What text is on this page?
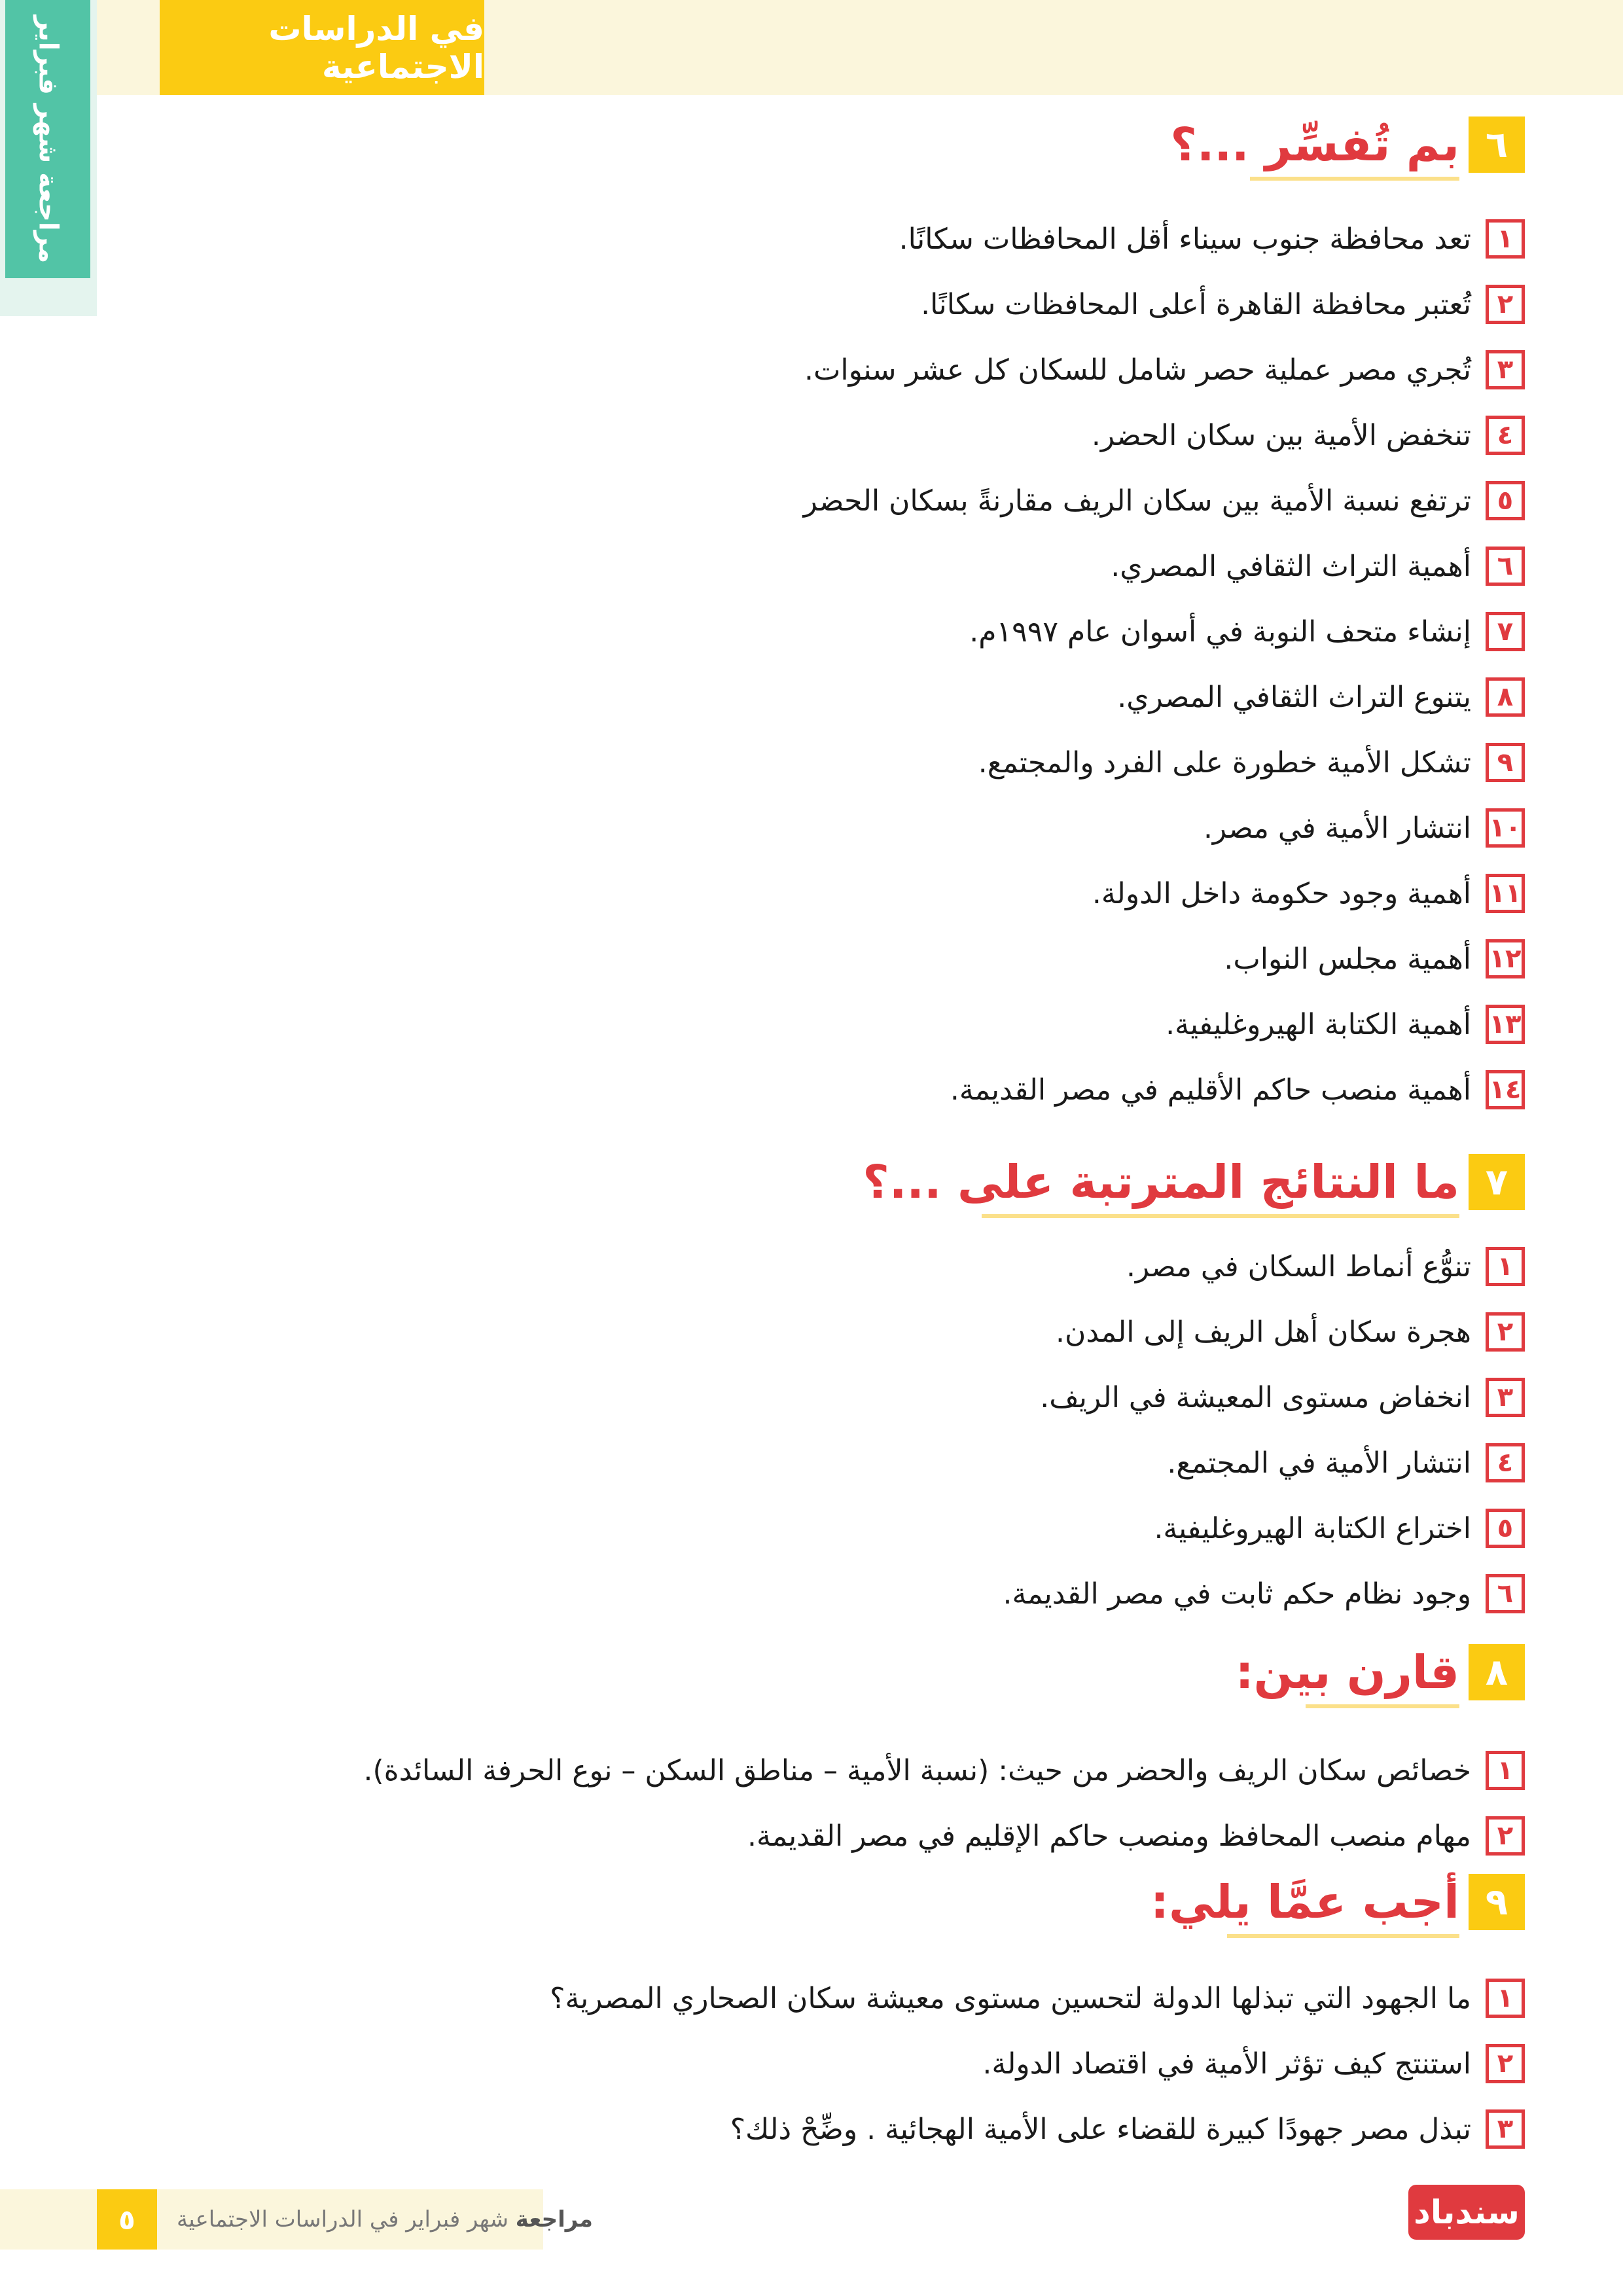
في الدراسات الاجتماعية
مراجعة شهر فبراير	٦
بم تُفسِّر ...؟
١
تعد محافظة جنوب سيناء أقل المحافظات سكانًا.
٢
تُعتبر محافظة القاهرة أعلى المحافظات سكانًا.
٣
تُجري مصر عملية حصر شامل للسكان كل عشر سنوات.
٤
تنخفض الأمية بين سكان الحضر.
٥
ترتفع نسبة الأمية بين سكان الريف مقارنةً بسكان الحضر
٦
أهمية التراث الثقافي المصري.
٧
إنشاء متحف النوبة في أسوان عام ١٩٩٧م.
٨
يتنوع التراث الثقافي المصري.
٩
تشكل الأمية خطورة على الفرد والمجتمع.
١٠
انتشار الأمية في مصر.
١١
أهمية وجود حكومة داخل الدولة.
١٢
أهمية مجلس النواب.
١٣
أهمية الكتابة الهيروغليفية.
١٤
أهمية منصب حاكم الأقليم في مصر القديمة.
٧
ما النتائج المترتبة على ...؟
١
تنوُّع أنماط السكان في مصر.
٢
هجرة سكان أهل الريف إلى المدن.
٣
انخفاض مستوى المعيشة في الريف.
٤
انتشار الأمية في المجتمع.
٥
اختراع الكتابة الهيروغليفية.
٦
وجود نظام حكم ثابت في مصر القديمة.
٨
قارن بين:
١
خصائص سكان الريف والحضر من حيث: (نسبة الأمية – مناطق السكن – نوع الحرفة السائدة).
٢
مهام منصب المحافظ ومنصب حاكم الإقليم في مصر القديمة.
٩
أجب عمَّا يلي:
١
ما الجهود التي تبذلها الدولة لتحسين مستوى معيشة سكان الصحاري المصرية؟
٢
استنتج كيف تؤثر الأمية في اقتصاد الدولة.
٣
تبذل مصر جهودًا كبيرة للقضاء على الأمية الهجائية . وضِّحْ ذلك؟
٥	مراجعة شهر فبراير في الدراسات الاجتماعية	سندباد
